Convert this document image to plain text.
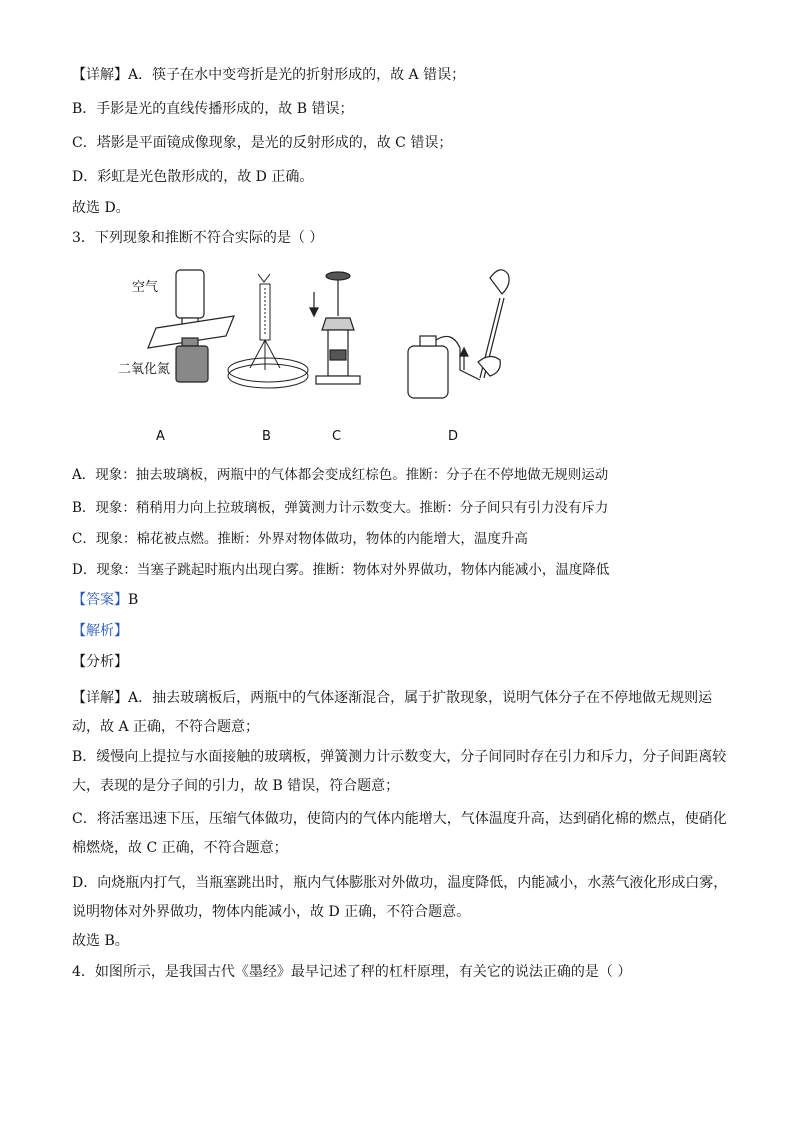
【详解】A．筷子在水中变弯折是光的折射形成的，故 A 错误；
B．手影是光的直线传播形成的，故 B 错误；
C．塔影是平面镜成像现象，是光的反射形成的，故 C 错误；
D．彩虹是光色散形成的，故 D 正确。
故选 D。
3．下列现象和推断不符合实际的是（ ）
空气
二氧化氮
A	B	C	D
A．现象：抽去玻璃板，两瓶中的气体都会变成红棕色。推断：分子在不停地做无规则运动
B．现象：稍稍用力向上拉玻璃板，弹簧测力计示数变大。推断：分子间只有引力没有斥力
C．现象：棉花被点燃。推断：外界对物体做功，物体的内能增大，温度升高
D．现象：当塞子跳起时瓶内出现白雾。推断：物体对外界做功，物体内能减小，温度降低
【答案】B
【解析】
【分析】
【详解】A．抽去玻璃板后，两瓶中的气体逐渐混合，属于扩散现象，说明气体分子在不停地做无规则运动，故 A 正确，不符合题意；
B．缓慢向上提拉与水面接触的玻璃板，弹簧测力计示数变大，分子间同时存在引力和斥力，分子间距离较大，表现的是分子间的引力，故 B 错误，符合题意；
C．将活塞迅速下压，压缩气体做功，使筒内的气体内能增大，气体温度升高，达到硝化棉的燃点，使硝化棉燃烧，故 C 正确，不符合题意；
D．向烧瓶内打气，当瓶塞跳出时，瓶内气体膨胀对外做功，温度降低，内能减小，水蒸气液化形成白雾，说明物体对外界做功，物体内能减小，故 D 正确，不符合题意。
故选 B。
4．如图所示，是我国古代《墨经》最早记述了秤的杠杆原理，有关它的说法正确的是（ ）
